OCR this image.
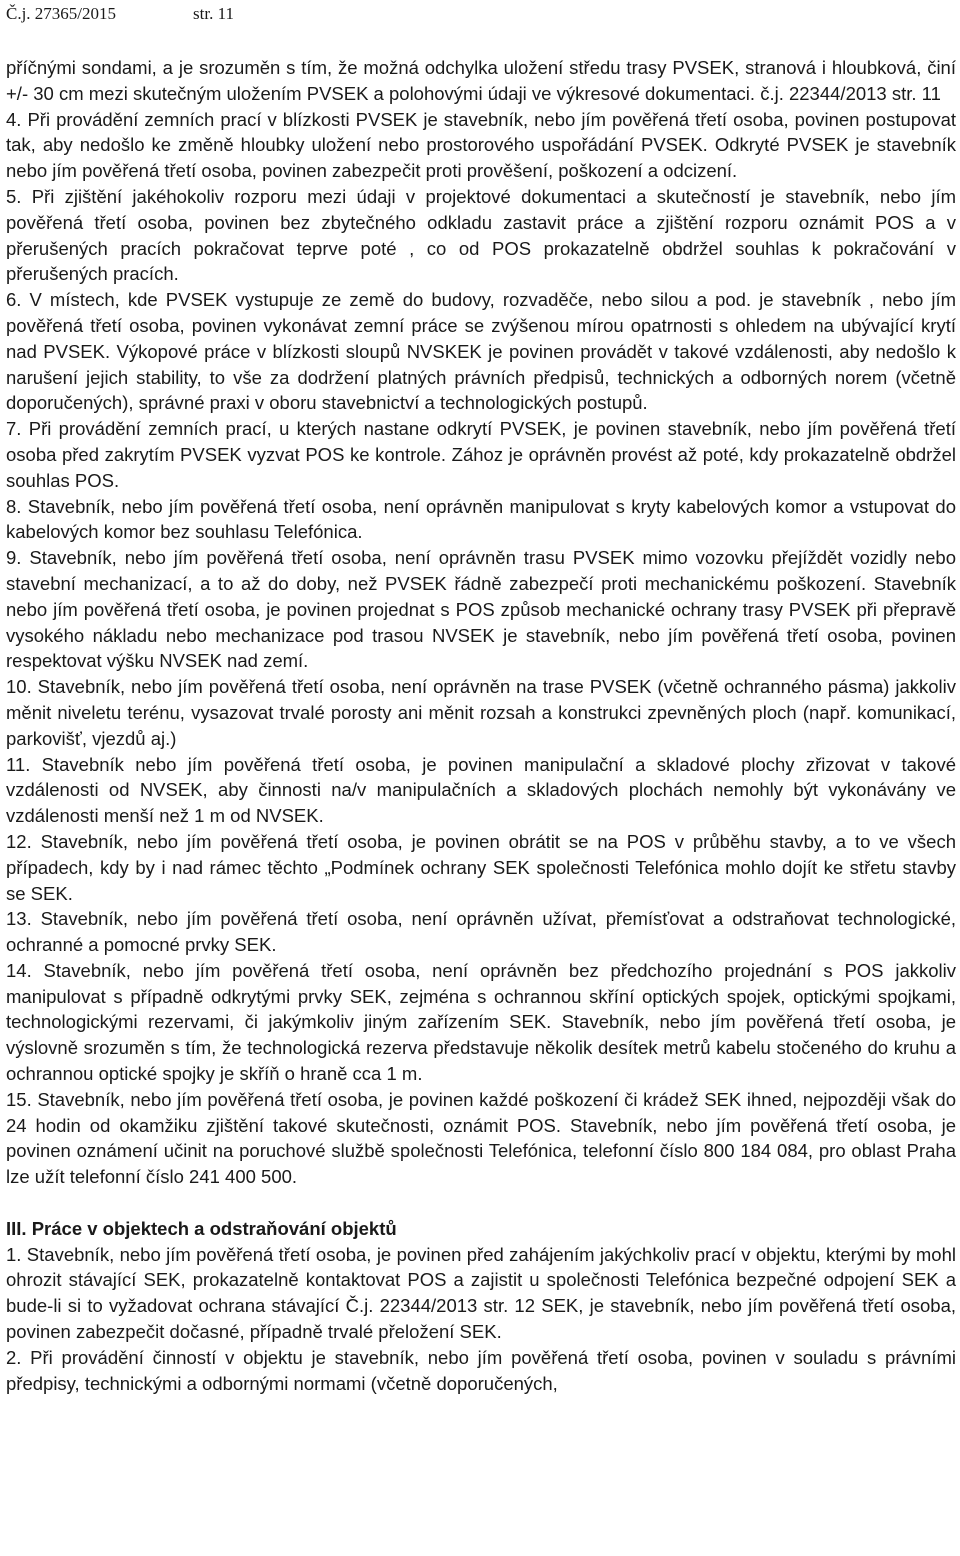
Č.j. 27365/2015	str. 11

příčnými sondami, a je srozuměn s tím, že možná odchylka uložení středu trasy PVSEK, stranová i hloubková, činí +/- 30 cm mezi skutečným uložením PVSEK a polohovými údaji ve výkresové dokumentaci. č.j. 22344/2013 str. 11

4. Při provádění zemních prací v blízkosti PVSEK je stavebník, nebo jím pověřená třetí osoba, povinen postupovat tak, aby nedošlo ke změně hloubky uložení nebo prostorového uspořádání PVSEK. Odkryté PVSEK je stavebník nebo jím pověřená třetí osoba, povinen zabezpečit proti prověšení, poškození a odcizení.

5. Při zjištění jakéhokoliv rozporu mezi údaji v projektové dokumentaci a skutečností je stavebník, nebo jím pověřená třetí osoba, povinen bez zbytečného odkladu zastavit práce a zjištění rozporu oznámit POS a v přerušených pracích pokračovat teprve poté , co od POS prokazatelně obdržel souhlas k pokračování v přerušených pracích.

6. V místech, kde PVSEK vystupuje ze země do budovy, rozvaděče, nebo silou a pod. je stavebník , nebo jím pověřená třetí osoba, povinen vykonávat zemní práce se zvýšenou mírou opatrnosti s ohledem na ubývající krytí nad PVSEK. Výkopové práce v blízkosti sloupů NVSKEK je povinen provádět v takové vzdálenosti, aby nedošlo k narušení jejich stability, to vše za dodržení platných právních předpisů, technických a odborných norem (včetně doporučených), správné praxi v oboru stavebnictví a technologických postupů.

7. Při provádění zemních prací, u kterých nastane odkrytí PVSEK, je povinen stavebník, nebo jím pověřená třetí osoba před zakrytím PVSEK vyzvat POS ke kontrole. Zához je oprávněn provést až poté, kdy prokazatelně obdržel souhlas POS.

8. Stavebník, nebo jím pověřená třetí osoba, není oprávněn manipulovat s kryty kabelových komor a vstupovat do kabelových komor bez souhlasu Telefónica.

9. Stavebník, nebo jím pověřená třetí osoba, není oprávněn trasu PVSEK mimo vozovku přejíždět vozidly nebo stavební mechanizací, a to až do doby, než PVSEK řádně zabezpečí proti mechanickému poškození. Stavebník nebo jím pověřená třetí osoba, je povinen projednat s POS způsob mechanické ochrany trasy PVSEK při přepravě vysokého nákladu nebo mechanizace pod trasou NVSEK je stavebník, nebo jím pověřená třetí osoba, povinen respektovat výšku NVSEK nad zemí.

10. Stavebník, nebo jím pověřená třetí osoba, není oprávněn na trase PVSEK (včetně ochranného pásma) jakkoliv měnit niveletu terénu, vysazovat trvalé porosty ani měnit rozsah a konstrukci zpevněných ploch (např. komunikací, parkovišť, vjezdů aj.)

11. Stavebník nebo jím pověřená třetí osoba, je povinen manipulační a skladové plochy zřizovat v takové vzdálenosti od NVSEK, aby činnosti na/v manipulačních a skladových plochách nemohly být vykonávány ve vzdálenosti menší než 1 m od NVSEK.

12. Stavebník, nebo jím pověřená třetí osoba, je povinen obrátit se na POS v průběhu stavby, a to ve všech případech, kdy by i nad rámec těchto „Podmínek ochrany SEK společnosti Telefónica mohlo dojít ke střetu stavby se SEK.

13. Stavebník, nebo jím pověřená třetí osoba, není oprávněn užívat, přemísťovat a odstraňovat technologické, ochranné a pomocné prvky SEK.

14. Stavebník, nebo jím pověřená třetí osoba, není oprávněn bez předchozího projednání s POS jakkoliv manipulovat s případně odkrytými prvky SEK, zejména s ochrannou skříní optických spojek, optickými spojkami, technologickými rezervami, či jakýmkoliv jiným zařízením SEK. Stavebník, nebo jím pověřená třetí osoba, je výslovně srozuměn s tím, že technologická rezerva představuje několik desítek metrů kabelu stočeného do kruhu a ochrannou optické spojky je skříň o hraně cca 1 m.

15. Stavebník, nebo jím pověřená třetí osoba, je povinen každé poškození či krádež SEK ihned, nejpozději však do 24 hodin od okamžiku zjištění takové skutečnosti, oznámit POS. Stavebník, nebo jím pověřená třetí osoba, je povinen oznámení učinit na poruchové službě společnosti Telefónica, telefonní číslo 800 184 084, pro oblast Praha lze užít telefonní číslo 241 400 500.

III. Práce v objektech a odstraňování objektů

1. Stavebník, nebo jím pověřená třetí osoba, je povinen před zahájením jakýchkoliv prací v objektu, kterými by mohl ohrozit stávající SEK, prokazatelně kontaktovat POS a zajistit u společnosti Telefónica bezpečné odpojení SEK a bude-li si to vyžadovat ochrana stávající Č.j. 22344/2013 str. 12 SEK, je stavebník, nebo jím pověřená třetí osoba, povinen zabezpečit dočasné, případně trvalé přeložení SEK.

2. Při provádění činností v objektu je stavebník, nebo jím pověřená třetí osoba, povinen v souladu s právními předpisy, technickými a odbornými normami (včetně doporučených,
